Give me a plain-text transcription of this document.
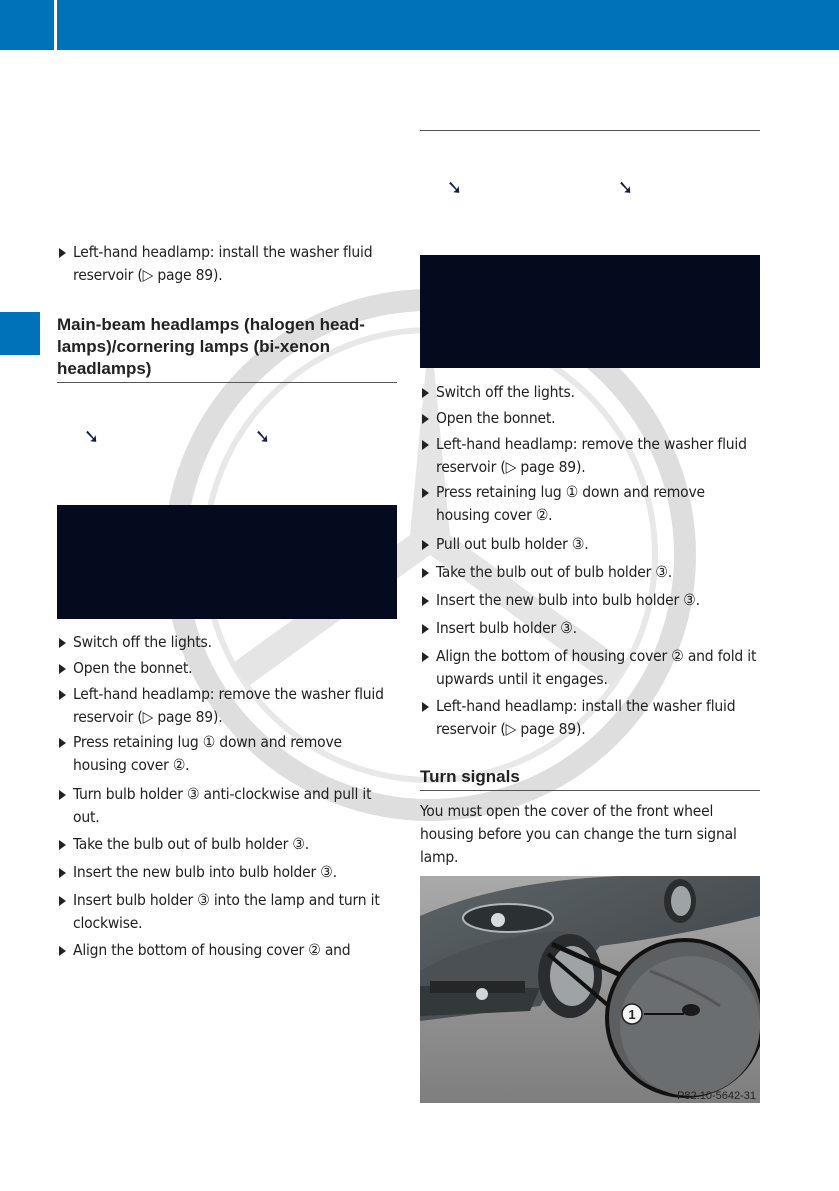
Left-hand headlamp: install the washer fluid reservoir (▷ page 89).
Main-beam headlamps (halogen head-lamps)/cornering lamps (bi-xenon headlamps)
➘	➘
Switch off the lights.
Open the bonnet.
Left-hand headlamp: remove the washer fluid reservoir (▷ page 89).
Press retaining lug ① down and remove housing cover ②.
Turn bulb holder ③ anti-clockwise and pull it out.
Take the bulb out of bulb holder ③.
Insert the new bulb into bulb holder ③.
Insert bulb holder ③ into the lamp and turn it clockwise.
Align the bottom of housing cover ② and
➘	➘
Switch off the lights.
Open the bonnet.
Left-hand headlamp: remove the washer fluid reservoir (▷ page 89).
Press retaining lug ① down and remove housing cover ②.
Pull out bulb holder ③.
Take the bulb out of bulb holder ③.
Insert the new bulb into bulb holder ③.
Insert bulb holder ③.
Align the bottom of housing cover ② and fold it upwards until it engages.
Left-hand headlamp: install the washer fluid reservoir (▷ page 89).
Turn signals
You must open the cover of the front wheel housing before you can change the turn signal lamp.
1
P82.10-5642-31
